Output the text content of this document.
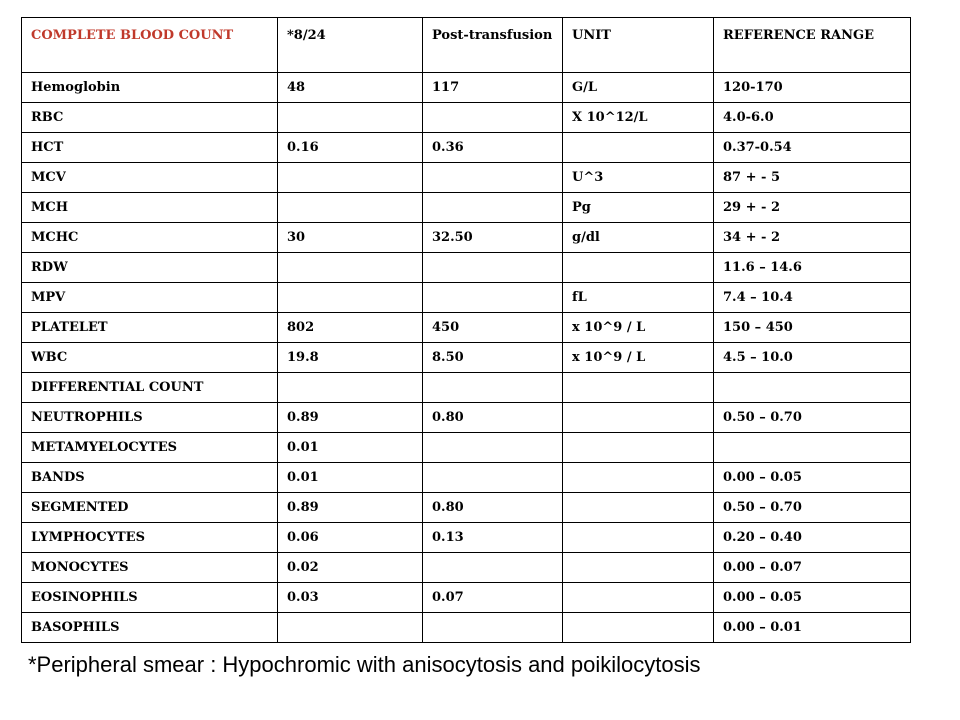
COMPLETE BLOOD COUNT	*8/24	Post-transfusion	UNIT	REFERENCE RANGE
Hemoglobin	48	117	G/L	120-170
RBC			X 10^12/L	4.0-6.0
HCT	0.16	0.36		0.37-0.54
MCV			U^3	87 + - 5
MCH			Pg	29 + - 2
MCHC	30	32.50	g/dl	34 + - 2
RDW				11.6 – 14.6
MPV			fL	7.4 – 10.4
PLATELET	802	450	x 10^9 / L	150 – 450
WBC	19.8	8.50	x 10^9 / L	4.5 – 10.0
DIFFERENTIAL COUNT				
NEUTROPHILS	0.89	0.80		0.50 – 0.70
METAMYELOCYTES	0.01			
BANDS	0.01			0.00 – 0.05
SEGMENTED	0.89	0.80		0.50 – 0.70
LYMPHOCYTES	0.06	0.13		0.20 – 0.40
MONOCYTES	0.02			0.00 – 0.07
EOSINOPHILS	0.03	0.07		0.00 – 0.05
BASOPHILS				0.00 – 0.01
*Peripheral smear : Hypochromic with anisocytosis and poikilocytosis
